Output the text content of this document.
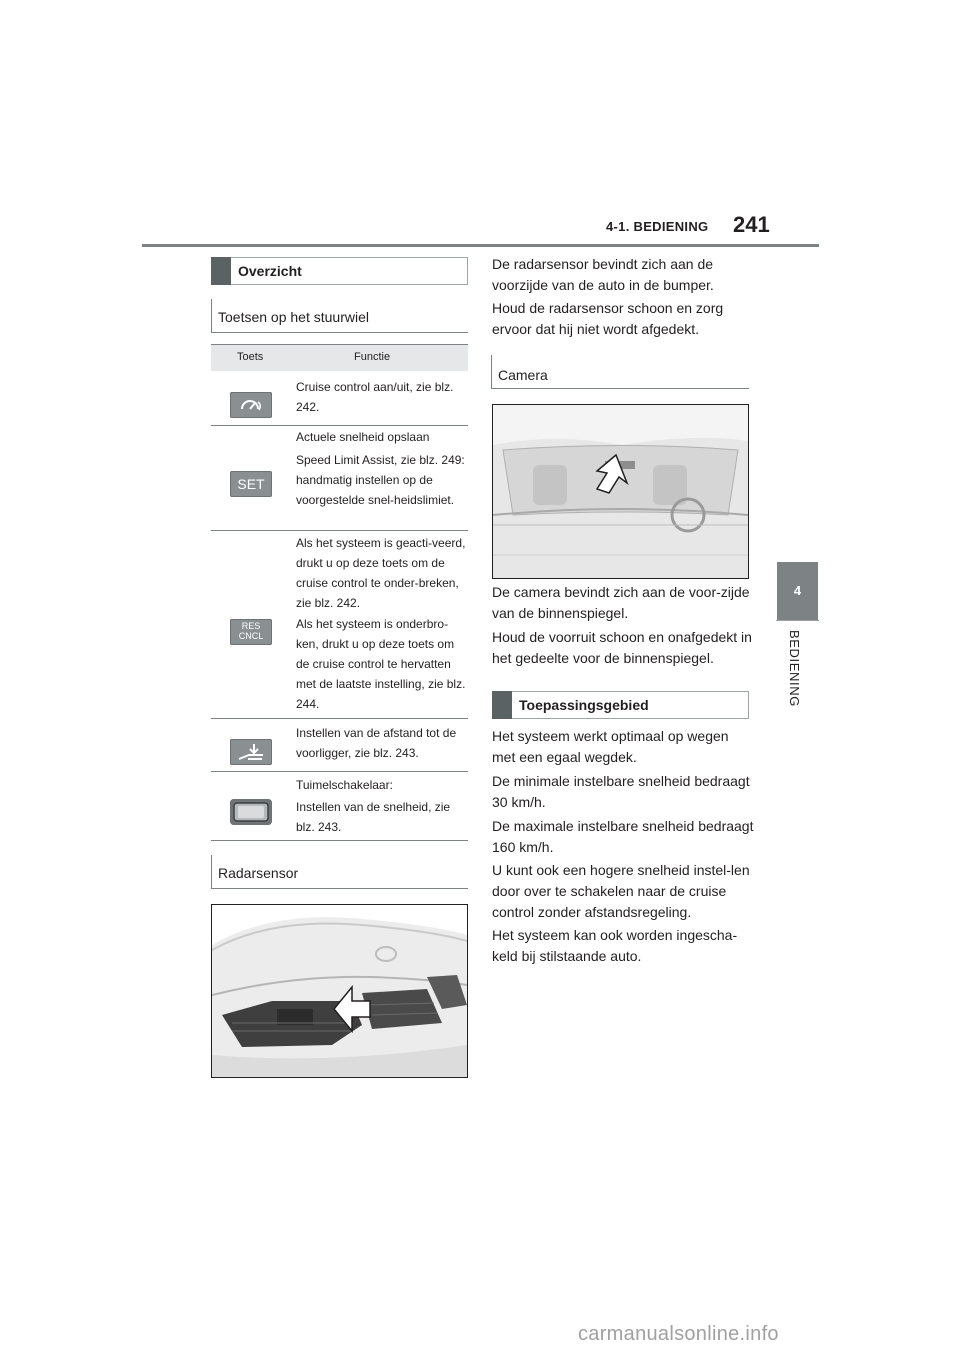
4-1. BEDIENING 241
4
BEDIENING
Overzicht
Toetsen op het stuurwiel
Toets	Functie
Cruise control aan/uit, zie blz. 242.
SET
Actuele snelheid opslaan
Speed Limit Assist, zie blz. 249: handmatig instellen op de voorgestelde snel-heidslimiet.
RES
CNCL
Als het systeem is geacti-veerd, drukt u op deze toets om de cruise control te onder-breken, zie blz. 242.
Als het systeem is onderbro-ken, drukt u op deze toets om de cruise control te hervatten met de laatste instelling, zie blz. 244.
Instellen van de afstand tot de voorligger, zie blz. 243.
Tuimelschakelaar:
Instellen van de snelheid, zie blz. 243.
Radarsensor
De radarsensor bevindt zich aan de voorzijde van de auto in de bumper.
Houd de radarsensor schoon en zorg ervoor dat hij niet wordt afgedekt.
Camera
De camera bevindt zich aan de voor-zijde van de binnenspiegel.
Houd de voorruit schoon en onafgedekt in het gedeelte voor de binnenspiegel.
Toepassingsgebied
Het systeem werkt optimaal op wegen met een egaal wegdek.
De minimale instelbare snelheid bedraagt 30 km/h.
De maximale instelbare snelheid bedraagt 160 km/h.
U kunt ook een hogere snelheid instel-len door over te schakelen naar de cruise control zonder afstandsregeling.
Het systeem kan ook worden ingescha-keld bij stilstaande auto.
carmanualsonline.info
